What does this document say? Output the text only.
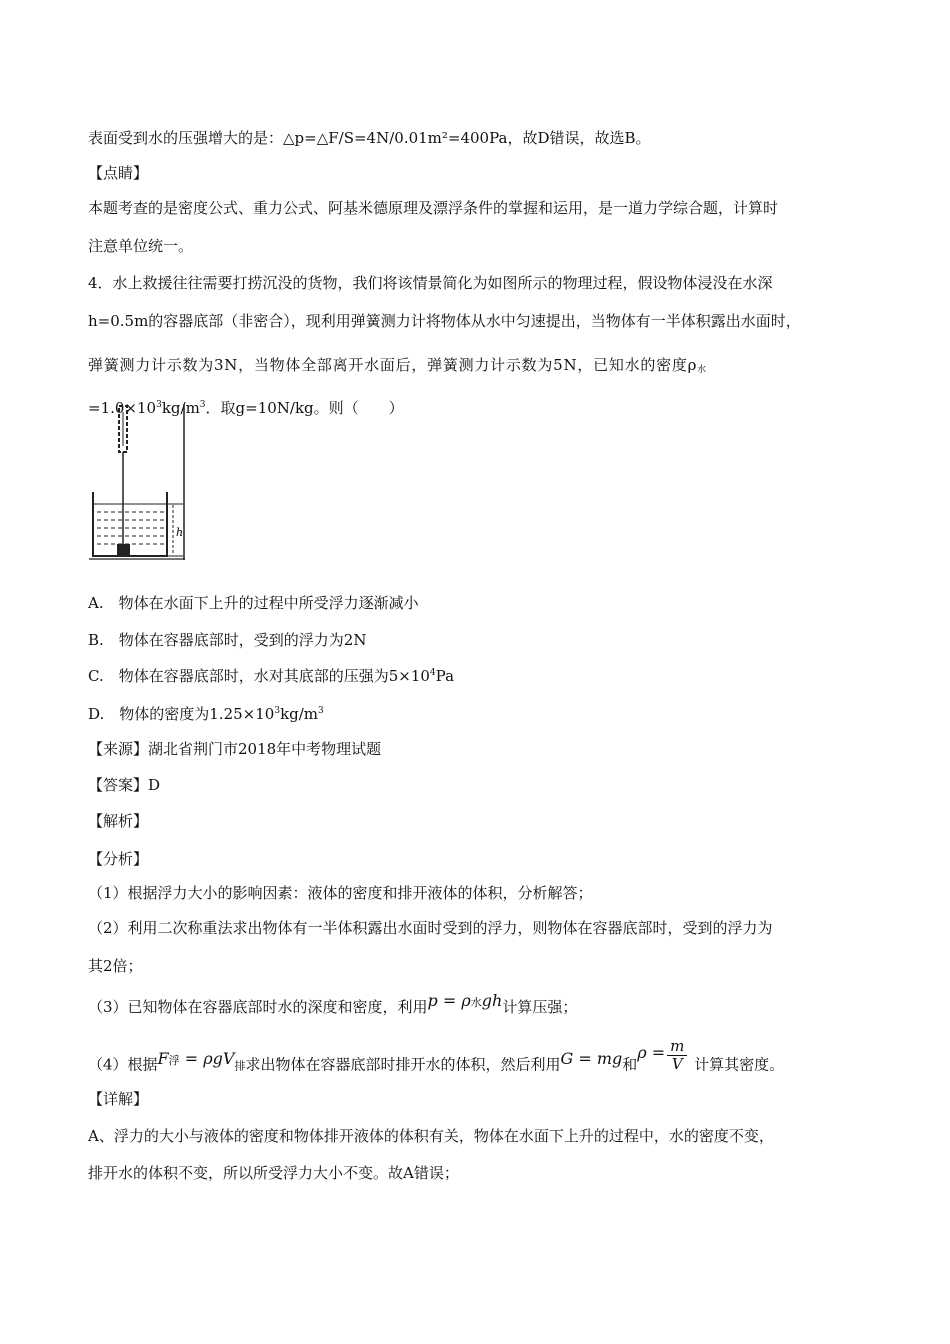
表面受到水的压强增大的是：△p=△F/S=4N/0.01m²=400Pa，故D错误，故选B。
【点睛】
本题考查的是密度公式、重力公式、阿基米德原理及漂浮条件的掌握和运用，是一道力学综合题，计算时
注意单位统一。
4．水上救援往往需要打捞沉没的货物，我们将该情景简化为如图所示的物理过程，假设物体浸没在水深
h=0.5m的容器底部（非密合），现利用弹簧测力计将物体从水中匀速提出，当物体有一半体积露出水面时，
弹簧测力计示数为3N，当物体全部离开水面后，弹簧测力计示数为5N，已知水的密度$\rho_水$
$=1.0\times 10^3kg/m^3$．取g=10N/kg。则（　　）
h
A.　物体在水面下上升的过程中所受浮力逐渐减小
B.　物体在容器底部时，受到的浮力为2N
C.　物体在容器底部时，水对其底部的压强为$5\times 10^4Pa$
D.　物体的密度为$1.25\times 10^3kg/m^3$
【来源】湖北省荆门市2018年中考物理试题
【答案】D
【解析】
【分析】
（1）根据浮力大小的影响因素：液体的密度和排开液体的体积，分析解答；
（2）利用二次称重法求出物体有一半体积露出水面时受到的浮力，则物体在容器底部时，受到的浮力为
其2倍；
（3）已知物体在容器底部时水的深度和密度，利用p = ρ水gh计算压强；
（4）根据F浮 = ρgV排求出物体在容器底部时排开水的体积，然后利用G = mg和$\rho = \frac{m}{V}$ 计算其密度。
【详解】
A、浮力的大小与液体的密度和物体排开液体的体积有关，物体在水面下上升的过程中，水的密度不变，
排开水的体积不变，所以所受浮力大小不变。故A错误；
